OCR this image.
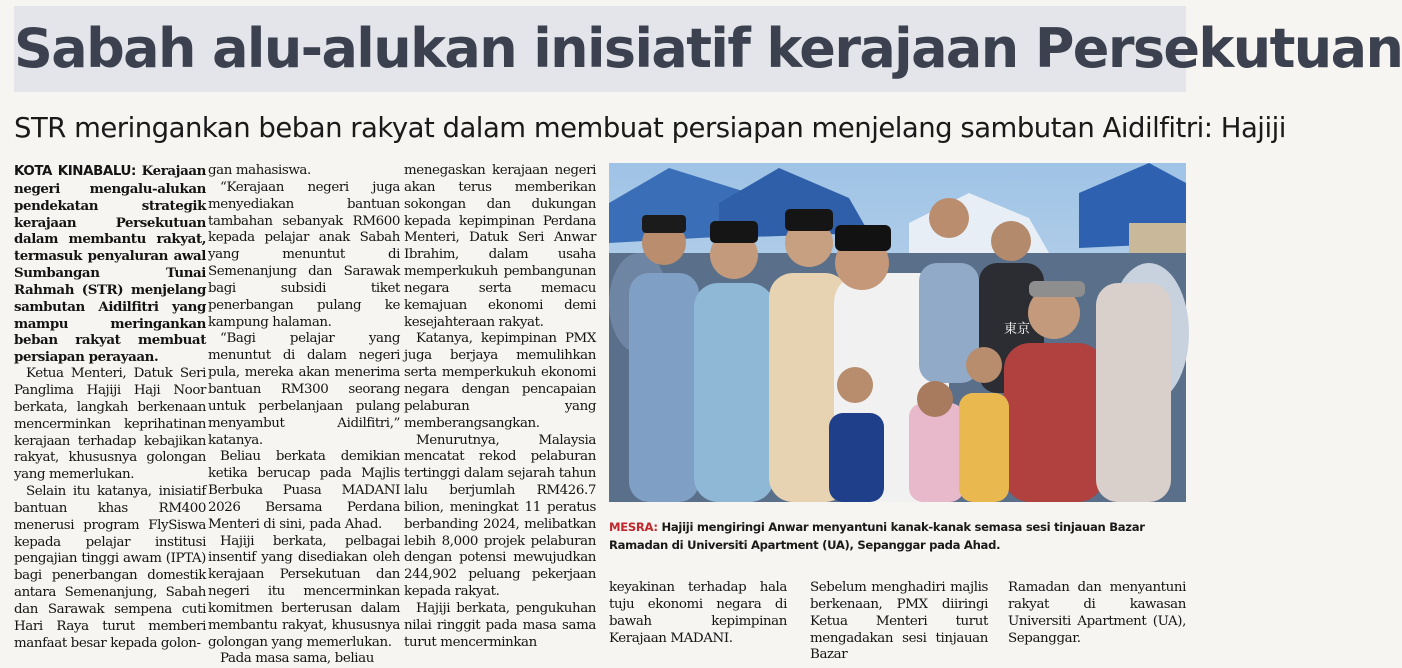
Sabah alu-alukan inisiatif kerajaan Persekutuan
STR meringankan beban rakyat dalam membuat persiapan menjelang sambutan Aidilfitri: Hajiji

KOTA KINABALU: Kerajaan negeri mengalu-alukan pendekatan strategik kerajaan Persekutuan dalam membantu rakyat, termasuk penyaluran awal Sumbangan Tunai Rahmah (STR) menjelang sambutan Aidilfitri yang mampu meringankan beban rakyat membuat persiapan perayaan.

Ketua Menteri, Datuk Seri Panglima Hajiji Haji Noor berkata, langkah berkenaan mencerminkan keprihatinan kerajaan terhadap kebajikan rakyat, khususnya golongan yang memerlukan.

Selain itu katanya, inisiatif bantuan khas RM400 menerusi program FlySiswa kepada pelajar institusi pengajian tinggi awam (IPTA) bagi penerbangan domestik antara Semenanjung, Sabah dan Sarawak sempena cuti Hari Raya turut memberi manfaat besar kepada golon-

gan mahasiswa.

“Kerajaan negeri juga menyediakan bantuan tambahan sebanyak RM600 kepada pelajar anak Sabah yang menuntut di Semenanjung dan Sarawak bagi subsidi tiket penerbangan pulang ke kampung halaman.

“Bagi pelajar yang menuntut di dalam negeri pula, mereka akan menerima bantuan RM300 seorang untuk perbelanjaan pulang menyambut Aidilfitri,” katanya.

Beliau berkata demikian ketika berucap pada Majlis Berbuka Puasa MADANI 2026 Bersama Perdana Menteri di sini, pada Ahad.

Hajiji berkata, pelbagai insentif yang disediakan oleh kerajaan Persekutuan dan negeri itu mencerminkan komitmen berterusan dalam membantu rakyat, khususnya golongan yang memerlukan.

Pada masa sama, beliau

menegaskan kerajaan negeri akan terus memberikan sokongan dan dukungan kepada kepimpinan Perdana Menteri, Datuk Seri Anwar Ibrahim, dalam usaha memperkukuh pembangunan negara serta memacu kemajuan ekonomi demi kesejahteraan rakyat.

Katanya, kepimpinan PMX juga berjaya memulihkan serta memperkukuh ekonomi negara dengan pencapaian pelaburan yang memberangsangkan.

Menurutnya, Malaysia mencatat rekod pelaburan tertinggi dalam sejarah tahun lalu berjumlah RM426.7 bilion, meningkat 11 peratus berbanding 2024, melibatkan lebih 8,000 projek pelaburan dengan potensi mewujudkan 244,902 peluang pekerjaan kepada rakyat.

Hajiji berkata, pengukuhan nilai ringgit pada masa sama turut mencerminkan

東京
MESRA: Hajiji mengiringi Anwar menyantuni kanak-kanak semasa sesi tinjauan Bazar Ramadan di Universiti Apartment (UA), Sepanggar pada Ahad.
keyakinan terhadap hala tuju ekonomi negara di bawah kepimpinan Kerajaan MADANI.
Sebelum menghadiri majlis berkenaan, PMX diiringi Ketua Menteri turut mengadakan sesi tinjauan Bazar
Ramadan dan menyantuni rakyat di kawasan Universiti Apartment (UA), Sepanggar.
